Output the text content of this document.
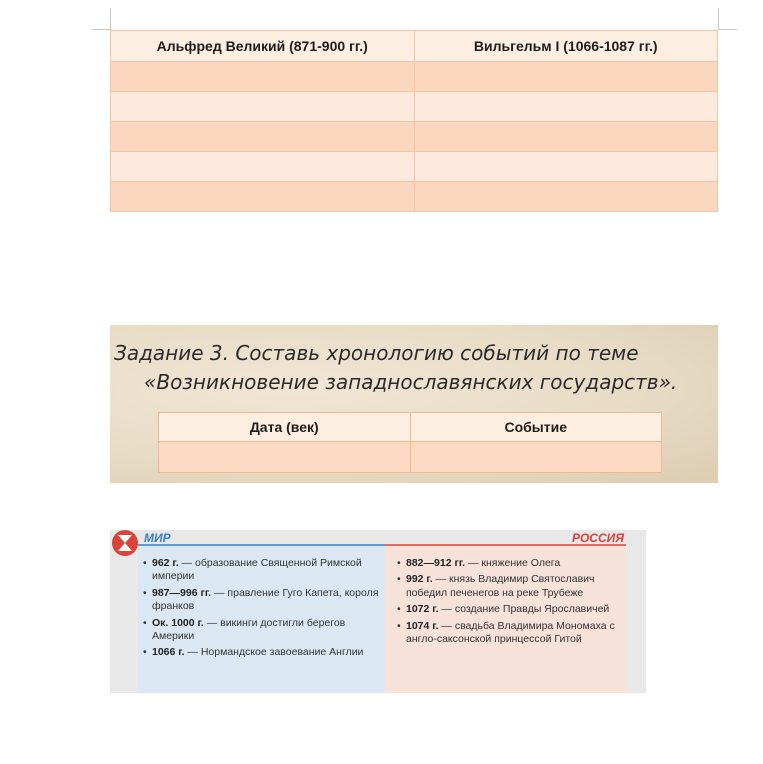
Альфред Великий (871-900 гг.)	Вильгельм I (1066-1087 гг.)

Задание 3. Составь хронологию событий по теме
«Возникновение западнославянских государств».
Дата (век)	Событие

МИР	РОССИЯ
• 962 г. — образование Священной Римской империи
• 987—996 гг. — правление Гуго Капета, короля франков
• Ок. 1000 г. — викинги достигли берегов Америки
• 1066 г. — Нормандское завоевание Англии
• 882—912 гг. — княжение Олега
• 992 г. — князь Владимир Святославич победил печенегов на реке Трубеже
• 1072 г. — создание Правды Ярославичей
• 1074 г. — свадьба Владимира Мономаха с англо-саксонской принцессой Гитой
